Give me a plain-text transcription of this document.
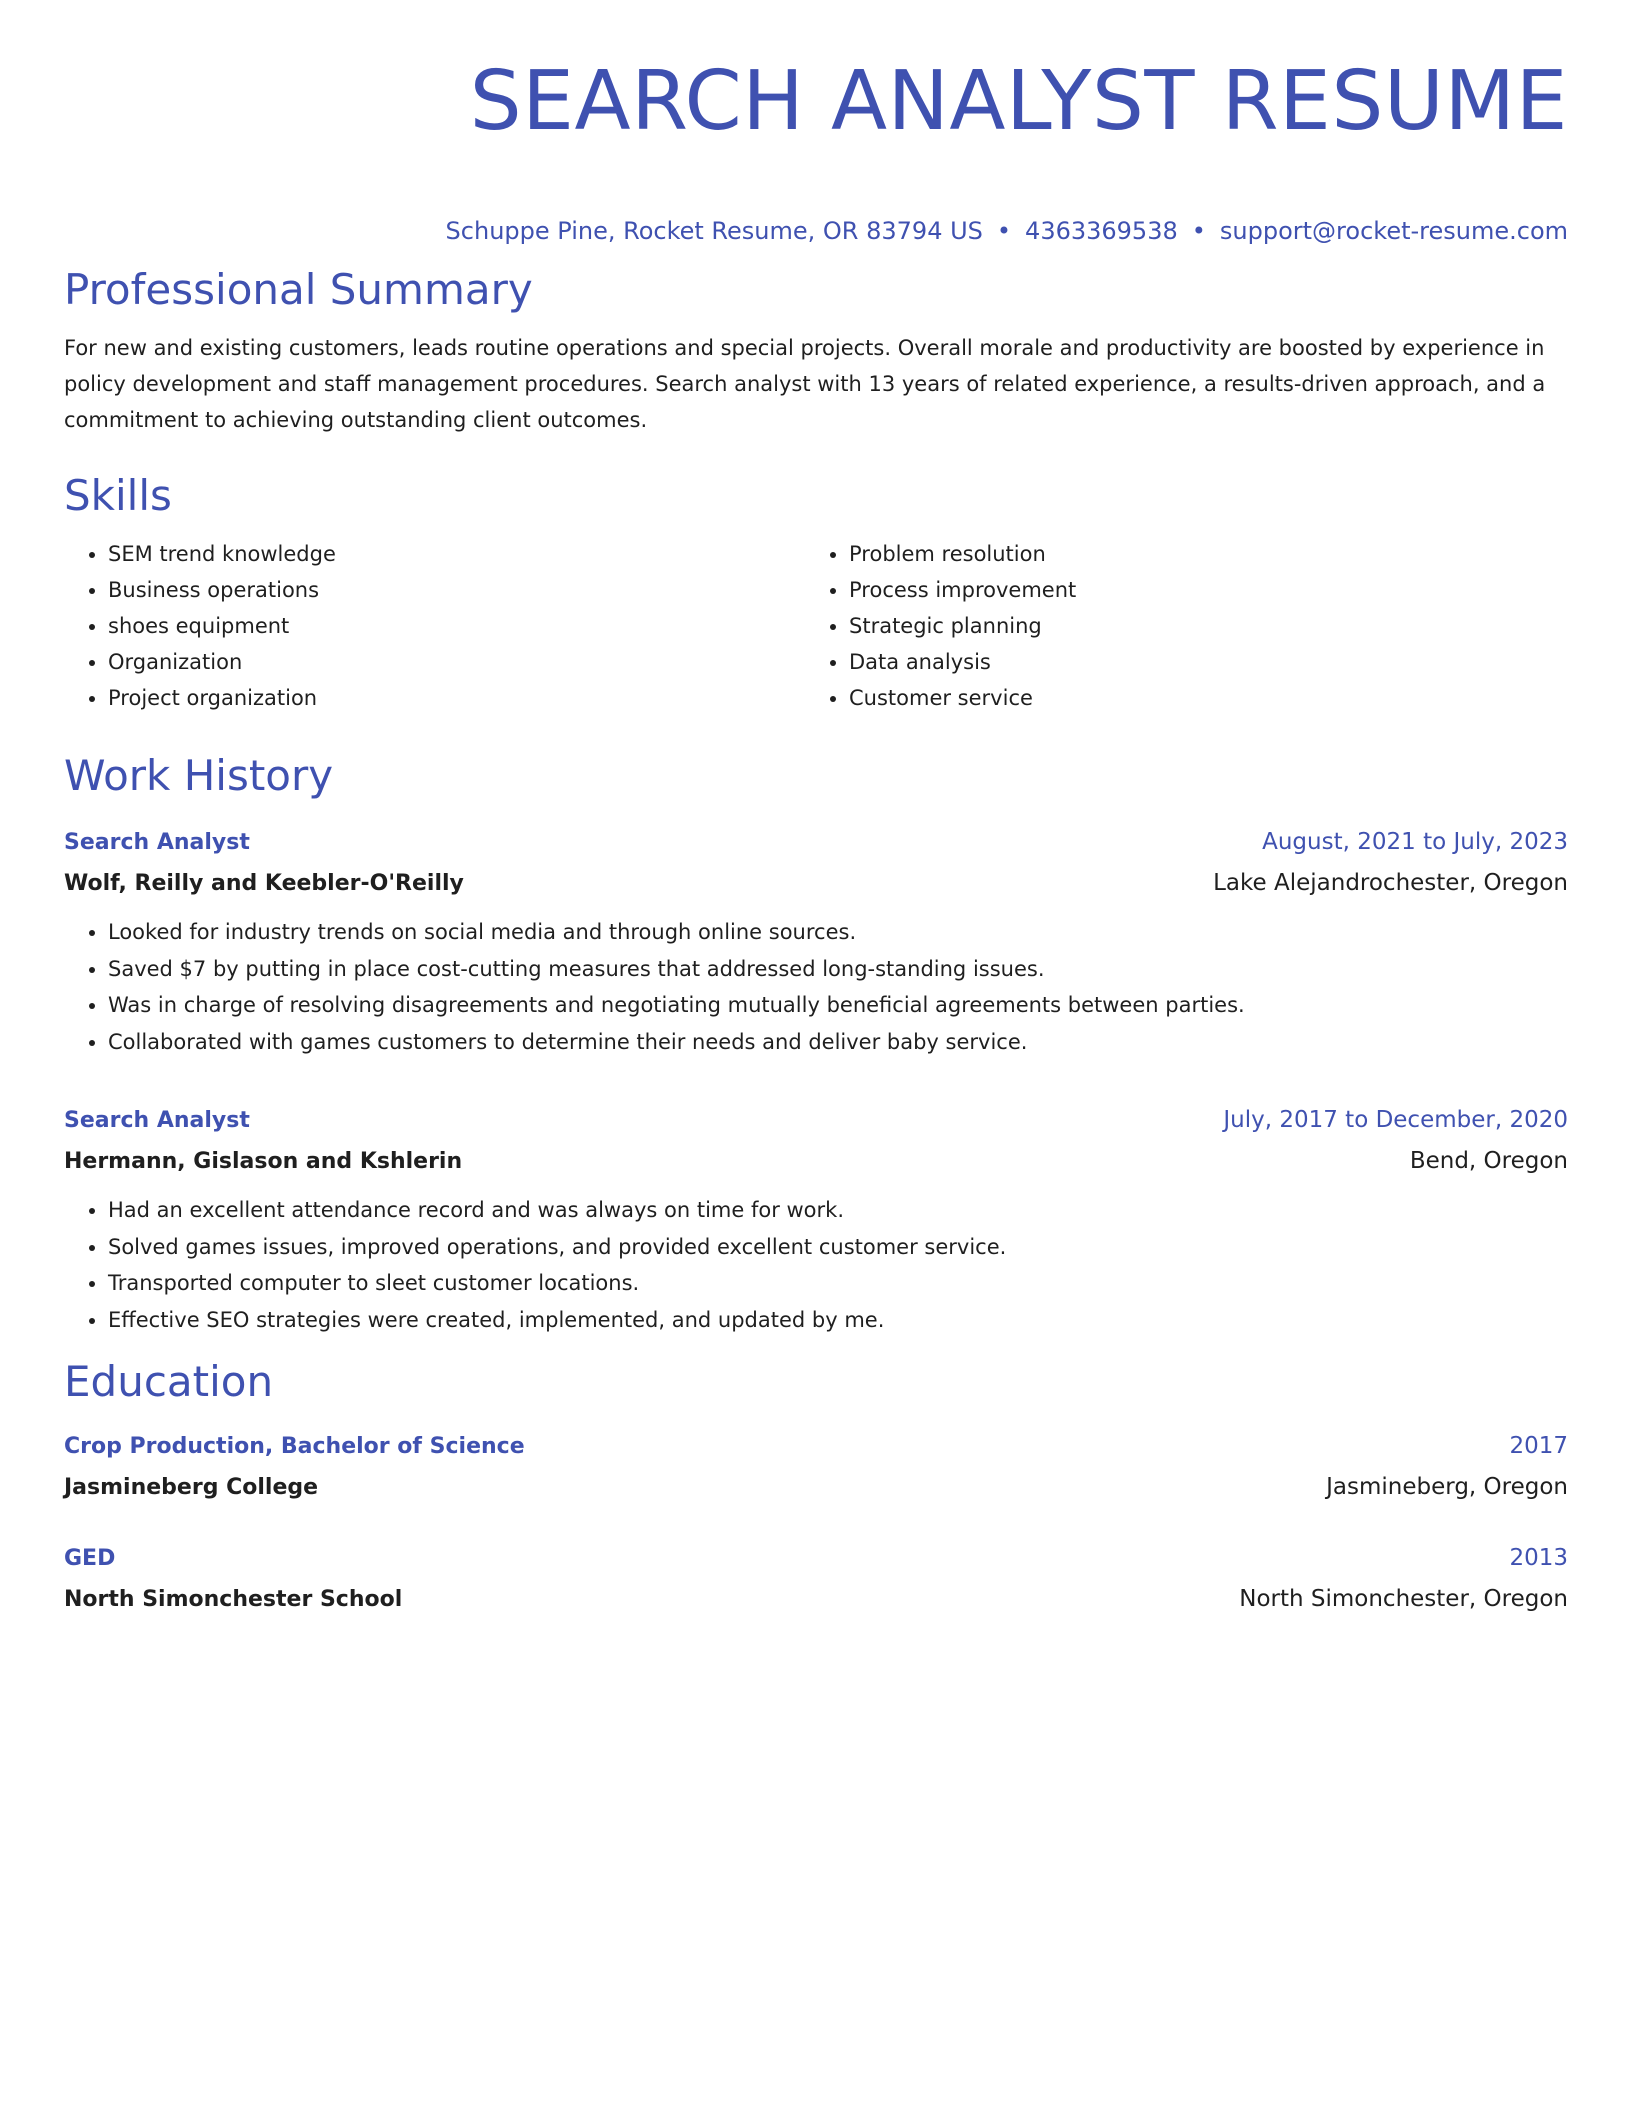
SEARCH ANALYST RESUME
Schuppe Pine, Rocket Resume, OR 83794 US • 4363369538 • support@rocket-resume.com
Professional Summary

For new and existing customers, leads routine operations and special projects. Overall morale and productivity are boosted by experience in policy development and staff management procedures. Search analyst with 13 years of related experience, a results-driven approach, and a commitment to achieving outstanding client outcomes.

Skills
• SEM trend knowledge
• Business operations
• shoes equipment
• Organization
• Project organization
• Problem resolution
• Process improvement
• Strategic planning
• Data analysis
• Customer service
Work History
Search Analyst	August, 2021 to July, 2023
Wolf, Reilly and Keebler-O'Reilly	Lake Alejandrochester, Oregon
• Looked for industry trends on social media and through online sources.
• Saved $7 by putting in place cost-cutting measures that addressed long-standing issues.
• Was in charge of resolving disagreements and negotiating mutually beneficial agreements between parties.
• Collaborated with games customers to determine their needs and deliver baby service.
Search Analyst	July, 2017 to December, 2020
Hermann, Gislason and Kshlerin	Bend, Oregon
• Had an excellent attendance record and was always on time for work.
• Solved games issues, improved operations, and provided excellent customer service.
• Transported computer to sleet customer locations.
• Effective SEO strategies were created, implemented, and updated by me.
Education
Crop Production, Bachelor of Science	2017
Jasmineberg College	Jasmineberg, Oregon
GED	2013
North Simonchester School	North Simonchester, Oregon
